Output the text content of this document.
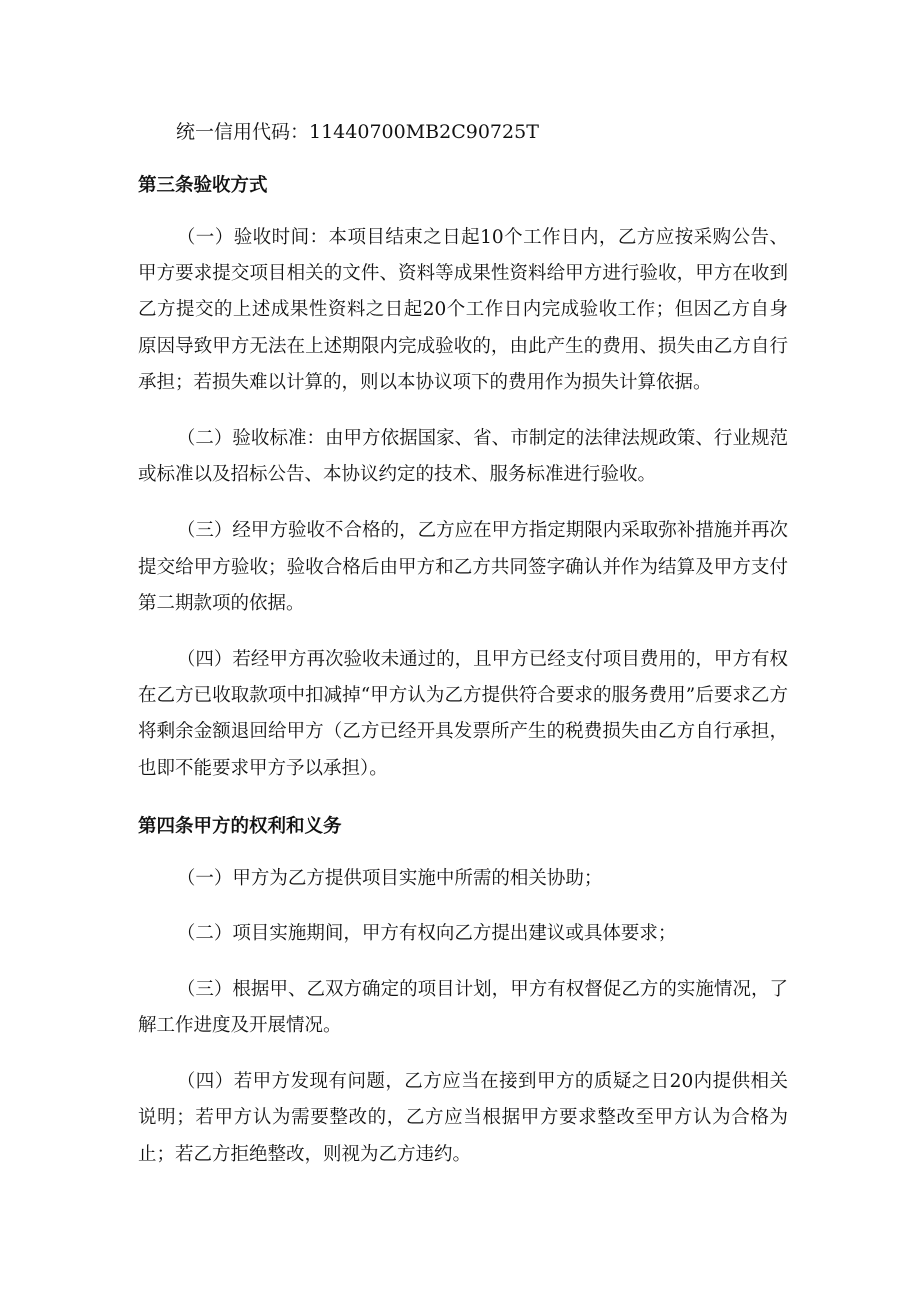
统一信用代码：11440700MB2C90725T
第三条验收方式

（一）验收时间：本项目结束之日起10个工作日内，乙方应按采购公告、甲方要求提交项目相关的文件、资料等成果性资料给甲方进行验收，甲方在收到乙方提交的上述成果性资料之日起20个工作日内完成验收工作；但因乙方自身原因导致甲方无法在上述期限内完成验收的，由此产生的费用、损失由乙方自行承担；若损失难以计算的，则以本协议项下的费用作为损失计算依据。

（二）验收标准：由甲方依据国家、省、市制定的法律法规政策、行业规范或标准以及招标公告、本协议约定的技术、服务标准进行验收。

（三）经甲方验收不合格的，乙方应在甲方指定期限内采取弥补措施并再次提交给甲方验收；验收合格后由甲方和乙方共同签字确认并作为结算及甲方支付第二期款项的依据。

（四）若经甲方再次验收未通过的，且甲方已经支付项目费用的，甲方有权在乙方已收取款项中扣减掉“甲方认为乙方提供符合要求的服务费用”后要求乙方将剩余金额退回给甲方（乙方已经开具发票所产生的税费损失由乙方自行承担，也即不能要求甲方予以承担）。

第四条甲方的权利和义务

（一）甲方为乙方提供项目实施中所需的相关协助；

（二）项目实施期间，甲方有权向乙方提出建议或具体要求；

（三）根据甲、乙双方确定的项目计划，甲方有权督促乙方的实施情况，了解工作进度及开展情况。

（四）若甲方发现有问题，乙方应当在接到甲方的质疑之日20内提供相关说明；若甲方认为需要整改的，乙方应当根据甲方要求整改至甲方认为合格为止；若乙方拒绝整改，则视为乙方违约。
